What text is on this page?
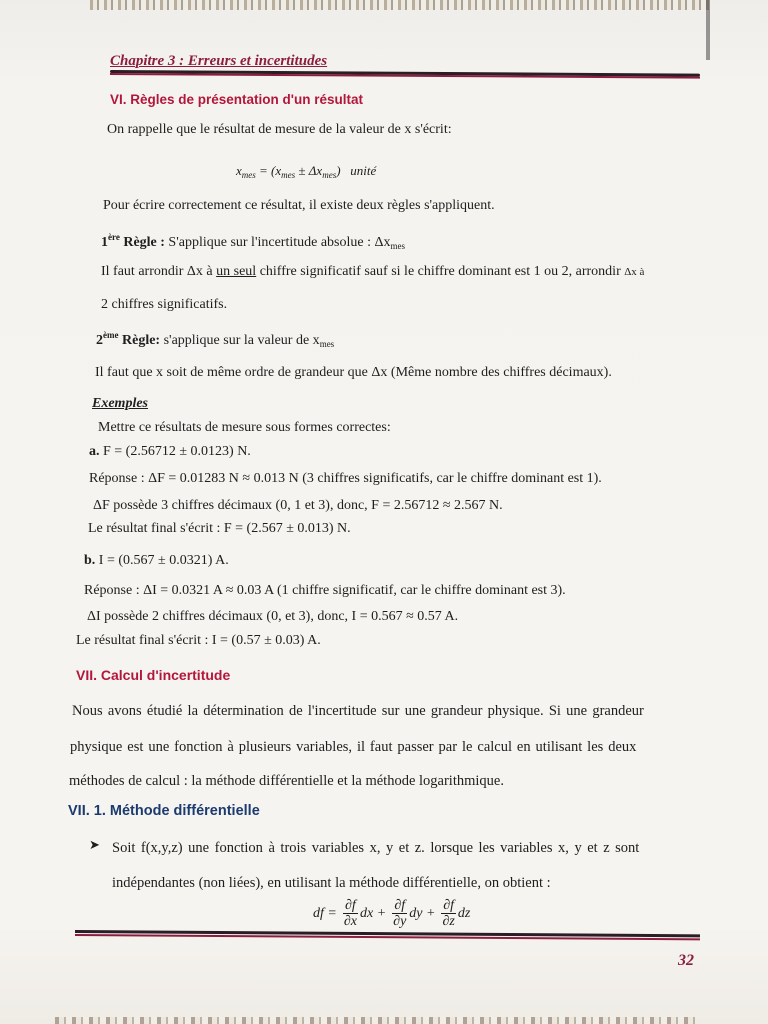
Chapitre 3 : Erreurs et incertitudes
VI. Règles de présentation d'un résultat
On rappelle que le résultat de mesure de la valeur de x s'écrit:
$x_{mes} = (x_{mes} \pm \Delta x_{mes})$ unité
Pour écrire correctement ce résultat, il existe deux règles s'appliquent.
1ère Règle : S'applique sur l'incertitude absolue : $\Delta x_{mes}$
Il faut arrondir Δx à un seul chiffre significatif sauf si le chiffre dominant est 1 ou 2, arrondir Δx à
2 chiffres significatifs.
2ème Règle: s'applique sur la valeur de $x_{mes}$
Il faut que x soit de même ordre de grandeur que Δx (Même nombre des chiffres décimaux).
Exemples
Mettre ce résultats de mesure sous formes correctes:
a. F = (2.56712 ± 0.0123) N.
Réponse : ΔF = 0.01283 N ≈ 0.013 N (3 chiffres significatifs, car le chiffre dominant est 1).
ΔF possède 3 chiffres décimaux (0, 1 et 3), donc, F = 2.56712 ≈ 2.567 N.
Le résultat final s'écrit : F = (2.567 ± 0.013) N.
b. I = (0.567 ± 0.0321) A.
Réponse : ΔI = 0.0321 A ≈ 0.03 A (1 chiffre significatif, car le chiffre dominant est 3).
ΔI possède 2 chiffres décimaux (0, et 3), donc, I = 0.567 ≈ 0.57 A.
Le résultat final s'écrit : I = (0.57 ± 0.03) A.
VII. Calcul d'incertitude
Nous avons étudié la détermination de l'incertitude sur une grandeur physique. Si une grandeur
physique est une fonction à plusieurs variables, il faut passer par le calcul en utilisant les deux
méthodes de calcul : la méthode différentielle et la méthode logarithmique.
VII. 1. Méthode différentielle
➤ Soit f(x,y,z) une fonction à trois variables x, y et z. lorsque les variables x, y et z sont
indépendantes (non liées), en utilisant la méthode différentielle, on obtient :
df = $\frac{\partial f}{\partial x}$ dx + $\frac{\partial f}{\partial y}$ dy + $\frac{\partial f}{\partial z}$ dz
32
